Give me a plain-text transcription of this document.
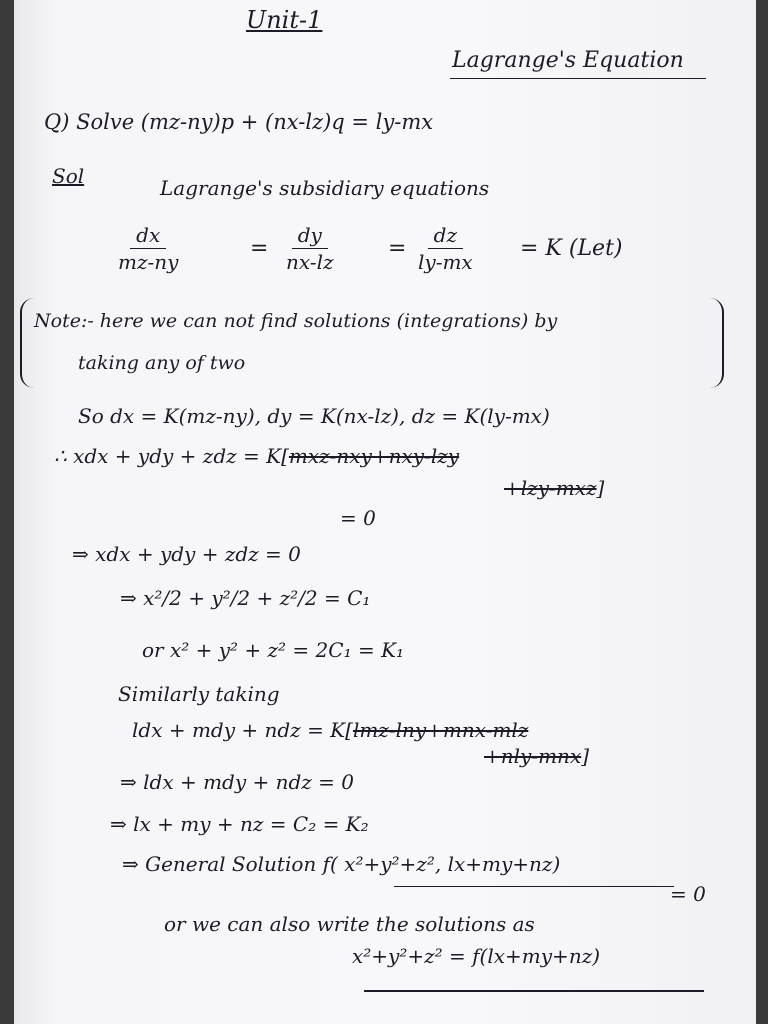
Unit-1
Lagrange's Equation
Q) Solve (mz-ny)p + (nx-lz)q = ly-mx
Sol	Lagrange's subsidiary equations
$\frac{dx}{mz-ny}$	= $\frac{dy}{nx-lz} = \frac{dz}{ly-mx} = K$ (Let)
Note:- here we can not find solutions (integrations) by
taking any of two
So dx = K(mz-ny), dy = K(nx-lz), dz = K(ly-mx)
∴ xdx + ydy + zdz = K[mxz-nxy+nxy-lzy
+lzy-mxz]
= 0
⇒ xdx + ydy + zdz = 0
⇒ x²/2 + y²/2 + z²/2 = C₁
or x² + y² + z² = 2C₁ = K₁
Similarly taking
ldx + mdy + ndz = K[lmz-lny+mnx-mlz
+nly-mnx]
⇒ ldx + mdy + ndz = 0
⇒ lx + my + nz = C₂ = K₂
⇒ General Solution f( x²+y²+z², lx+my+nz)
= 0
or we can also write the solutions as
x²+y²+z² = f(lx+my+nz)
